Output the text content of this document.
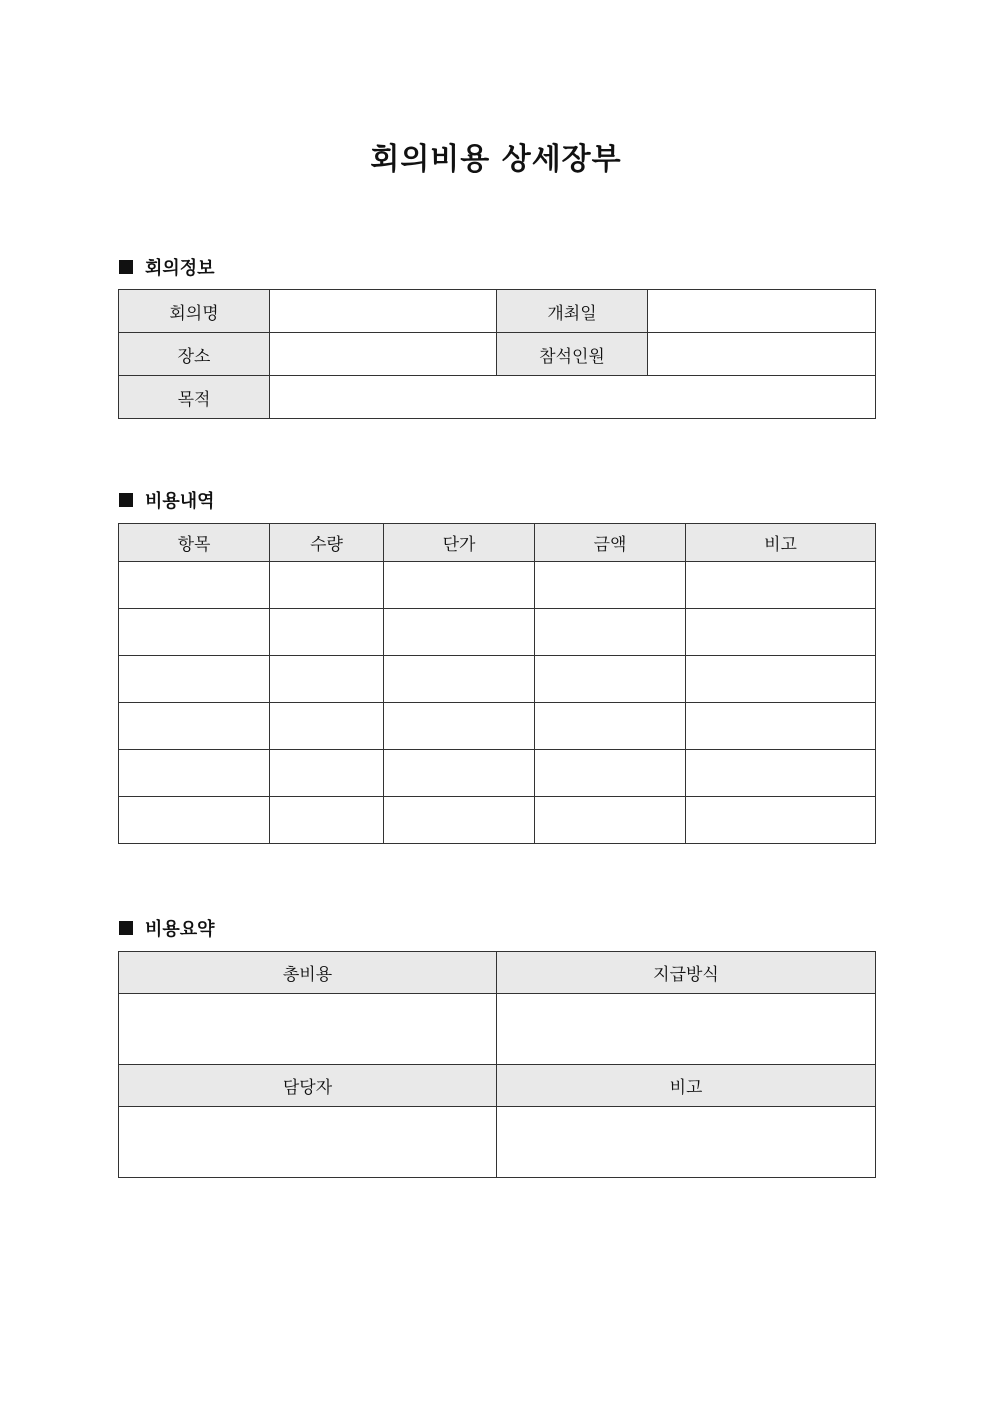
회의비용 상세장부
회의정보
회의명		개최일	
장소		참석인원	
목적			
비용내역
항목	수량	단가	금액	비고

비용요약
총비용	지급방식

담당자	비고
